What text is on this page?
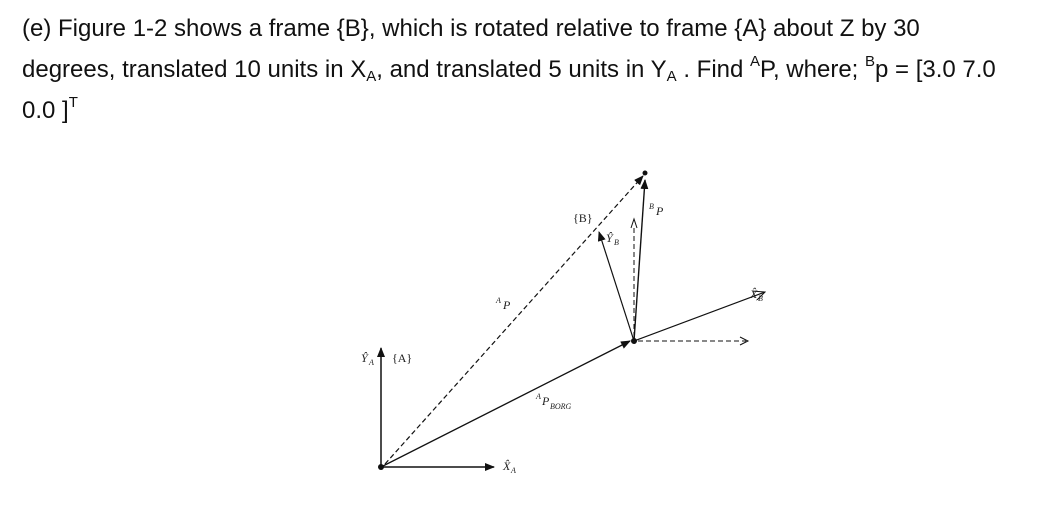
(e) Figure 1-2 shows a frame {B}, which is rotated relative to frame {A} about Z by 30
degrees, translated 10 units in $X_A$, and translated 5 units in $Y_A$ . Find $^A$P, where; $^B$p = [3.0 7.0
0.0 ]$^T$
{A}
{B}
Ŷ A
X̂ A
Ŷ B
X̂ B
A P
B P
A P BORG
